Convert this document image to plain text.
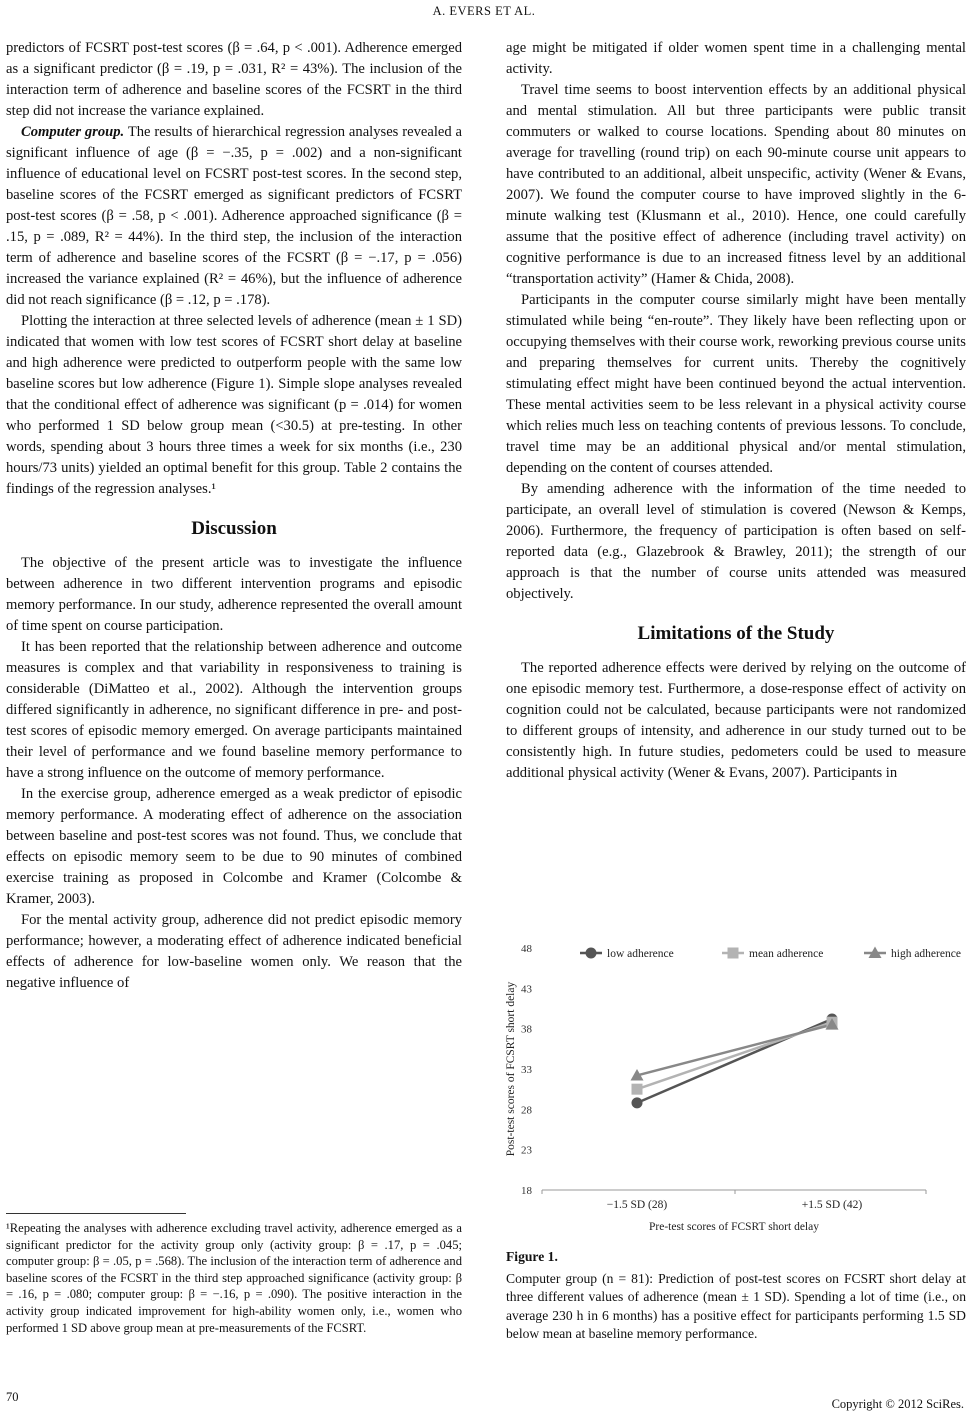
A. EVERS ET AL.

predictors of FCSRT post-test scores (β = .64, p < .001). Adherence emerged as a significant predictor (β = .19, p = .031, R² = 43%). The inclusion of the interaction term of adherence and baseline scores of the FCSRT in the third step did not increase the variance explained.

Computer group. The results of hierarchical regression analyses revealed a significant influence of age (β = −.35, p = .002) and a non-significant influence of educational level on FCSRT post-test scores. In the second step, baseline scores of the FCSRT emerged as significant predictors of FCSRT post-test scores (β = .58, p < .001). Adherence approached significance (β = .15, p = .089, R² = 44%). In the third step, the inclusion of the interaction term of adherence and baseline scores of the FCSRT (β = −.17, p = .056) increased the variance explained (R² = 46%), but the influence of adherence did not reach significance (β = .12, p = .178).

Plotting the interaction at three selected levels of adherence (mean ± 1 SD) indicated that women with low test scores of FCSRT short delay at baseline and high adherence were predicted to outperform people with the same low baseline scores but low adherence (Figure 1). Simple slope analyses revealed that the conditional effect of adherence was significant (p = .014) for women who performed 1 SD below group mean (<30.5) at pre-testing. In other words, spending about 3 hours three times a week for six months (i.e., 230 hours/73 units) yielded an optimal benefit for this group. Table 2 contains the findings of the regression analyses.¹

Discussion

The objective of the present article was to investigate the influence between adherence in two different intervention programs and episodic memory performance. In our study, adherence represented the overall amount of time spent on course participation.

It has been reported that the relationship between adherence and outcome measures is complex and that variability in responsiveness to training is considerable (DiMatteo et al., 2002). Although the intervention groups differed significantly in adherence, no significant difference in pre- and post-test scores of episodic memory emerged. On average participants maintained their level of performance and we found baseline memory performance to have a strong influence on the outcome of memory performance.

In the exercise group, adherence emerged as a weak predictor of episodic memory performance. A moderating effect of adherence on the association between baseline and post-test scores was not found. Thus, we conclude that effects on episodic memory seem to be due to 90 minutes of combined exercise training as proposed in Colcombe and Kramer (Colcombe & Kramer, 2003).

For the mental activity group, adherence did not predict episodic memory performance; however, a moderating effect of adherence indicated beneficial effects of adherence for low-baseline women only. We reason that the negative influence of

¹Repeating the analyses with adherence excluding travel activity, adherence emerged as a significant predictor for the activity group only (activity group: β = .17, p = .045; computer group: β = .05, p = .568). The inclusion of the interaction term of adherence and baseline scores of the FCSRT in the third step approached significance (activity group: β = .16, p = .080; computer group: β = −.16, p = .090). The positive interaction in the activity group indicated improvement for high-ability women only, i.e., women who performed 1 SD above group mean at pre-measurements of the FCSRT.

age might be mitigated if older women spent time in a challenging mental activity.

Travel time seems to boost intervention effects by an additional physical and mental stimulation. All but three participants were public transit commuters or walked to course locations. Spending about 80 minutes on average for travelling (round trip) on each 90-minute course unit appears to have contributed to an additional, albeit unspecific, activity (Wener & Evans, 2007). We found the computer course to have improved slightly in the 6-minute walking test (Klusmann et al., 2010). Hence, one could carefully assume that the positive effect of adherence (including travel activity) on cognitive performance is due to an increased fitness level by an additional “transportation activity” (Hamer & Chida, 2008).

Participants in the computer course similarly might have been mentally stimulated while being “en-route”. They likely have been reflecting upon or occupying themselves with their course work, reworking previous course units and preparing themselves for current units. Thereby the cognitively stimulating effect might have been continued beyond the actual intervention. These mental activities seem to be less relevant in a physical activity course which relies much less on teaching contents of previous lessons. To conclude, travel time may be an additional physical and/or mental stimulation, depending on the content of courses attended.

By amending adherence with the information of the time needed to participate, an overall level of stimulation is covered (Newson & Kemps, 2006). Furthermore, the frequency of participation is often based on self-reported data (e.g., Glazebrook & Brawley, 2011); the strength of our approach is that the number of course units attended was measured objectively.

Limitations of the Study

The reported adherence effects were derived by relying on the outcome of one episodic memory test. Furthermore, a dose-response effect of activity on cognition could not be calculated, because participants were not randomized to different groups of intensity, and adherence in our study turned out to be consistently high. In future studies, pedometers could be used to measure additional physical activity (Wener & Evans, 2007). Participants in

18
23
28
33
38
43
48
−1.5 SD (28)	+1.5 SD (42)
Pre-test scores of FCSRT short delay
Post-test scores of FCSRT short delay
low adherence	mean adherence	high adherence
Figure 1.
Computer group (n = 81): Prediction of post-test scores on FCSRT short delay at three different values of adherence (mean ± 1 SD). Spending a lot of time (i.e., on average 230 h in 6 months) has a positive effect for participants performing 1.5 SD below mean at baseline memory performance.
70	Copyright © 2012 SciRes.
